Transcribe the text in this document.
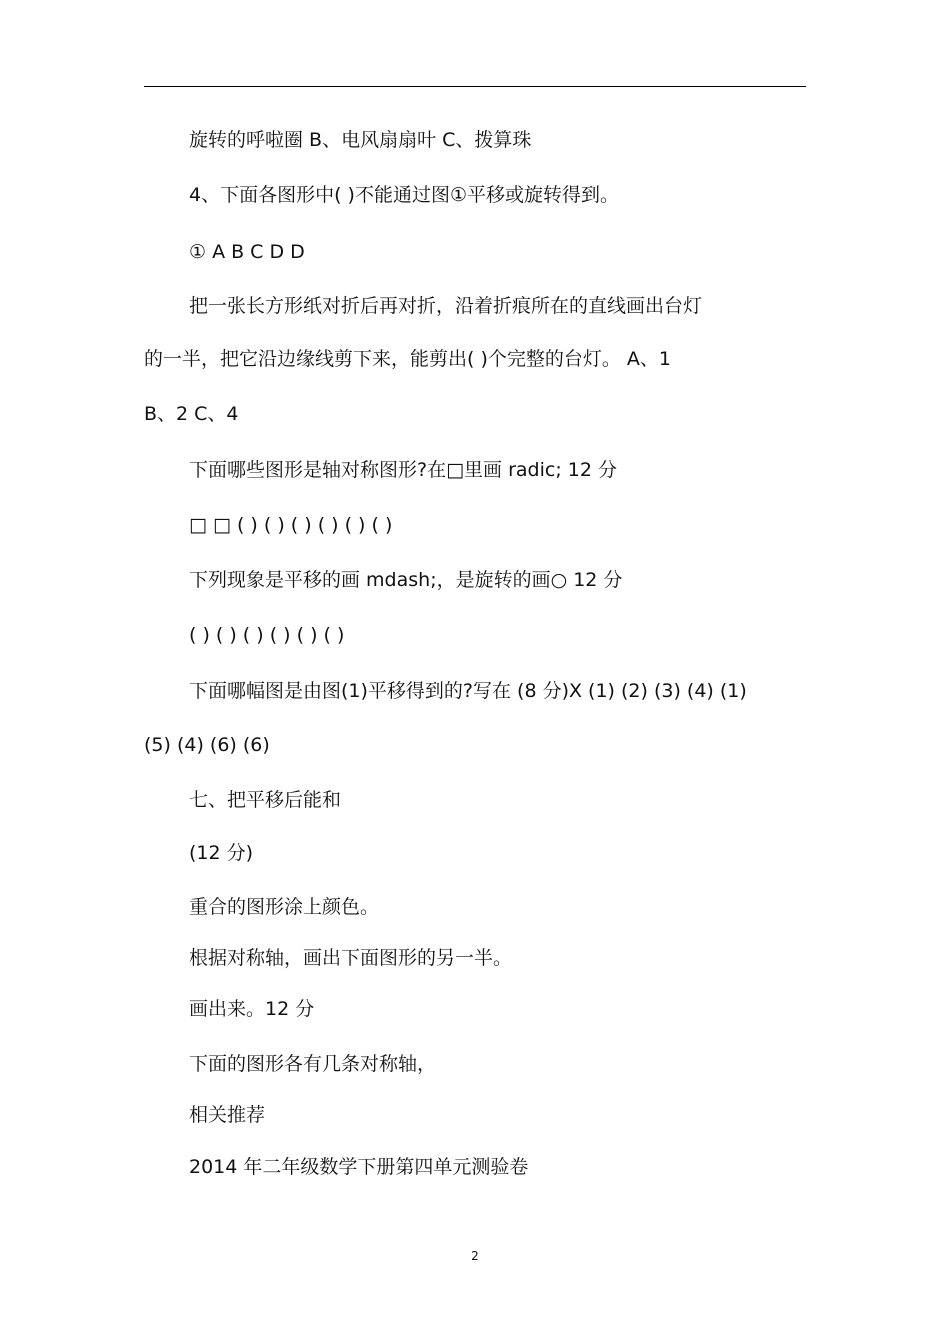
旋转的呼啦圈 B、电风扇扇叶 C、拨算珠
4、下面各图形中( )不能通过图①平移或旋转得到。
① A B C D D
把一张长方形纸对折后再对折，沿着折痕所在的直线画出台灯
的一半，把它沿边缘线剪下来，能剪出( )个完整的台灯。 A、1
B、2 C、4
下面哪些图形是轴对称图形?在□里画 radic; 12 分
□ □ ( ) ( ) ( ) ( ) ( ) ( )
下列现象是平移的画 mdash;，是旋转的画○ 12 分
( ) ( ) ( ) ( ) ( ) ( )
下面哪幅图是由图(1)平移得到的?写在 (8 分)X (1) (2) (3) (4) (1)
(5) (4) (6) (6)
七、把平移后能和
(12 分)
重合的图形涂上颜色。
根据对称轴，画出下面图形的另一半。
画出来。12 分
下面的图形各有几条对称轴，
相关推荐
2014 年二年级数学下册第四单元测验卷
2
